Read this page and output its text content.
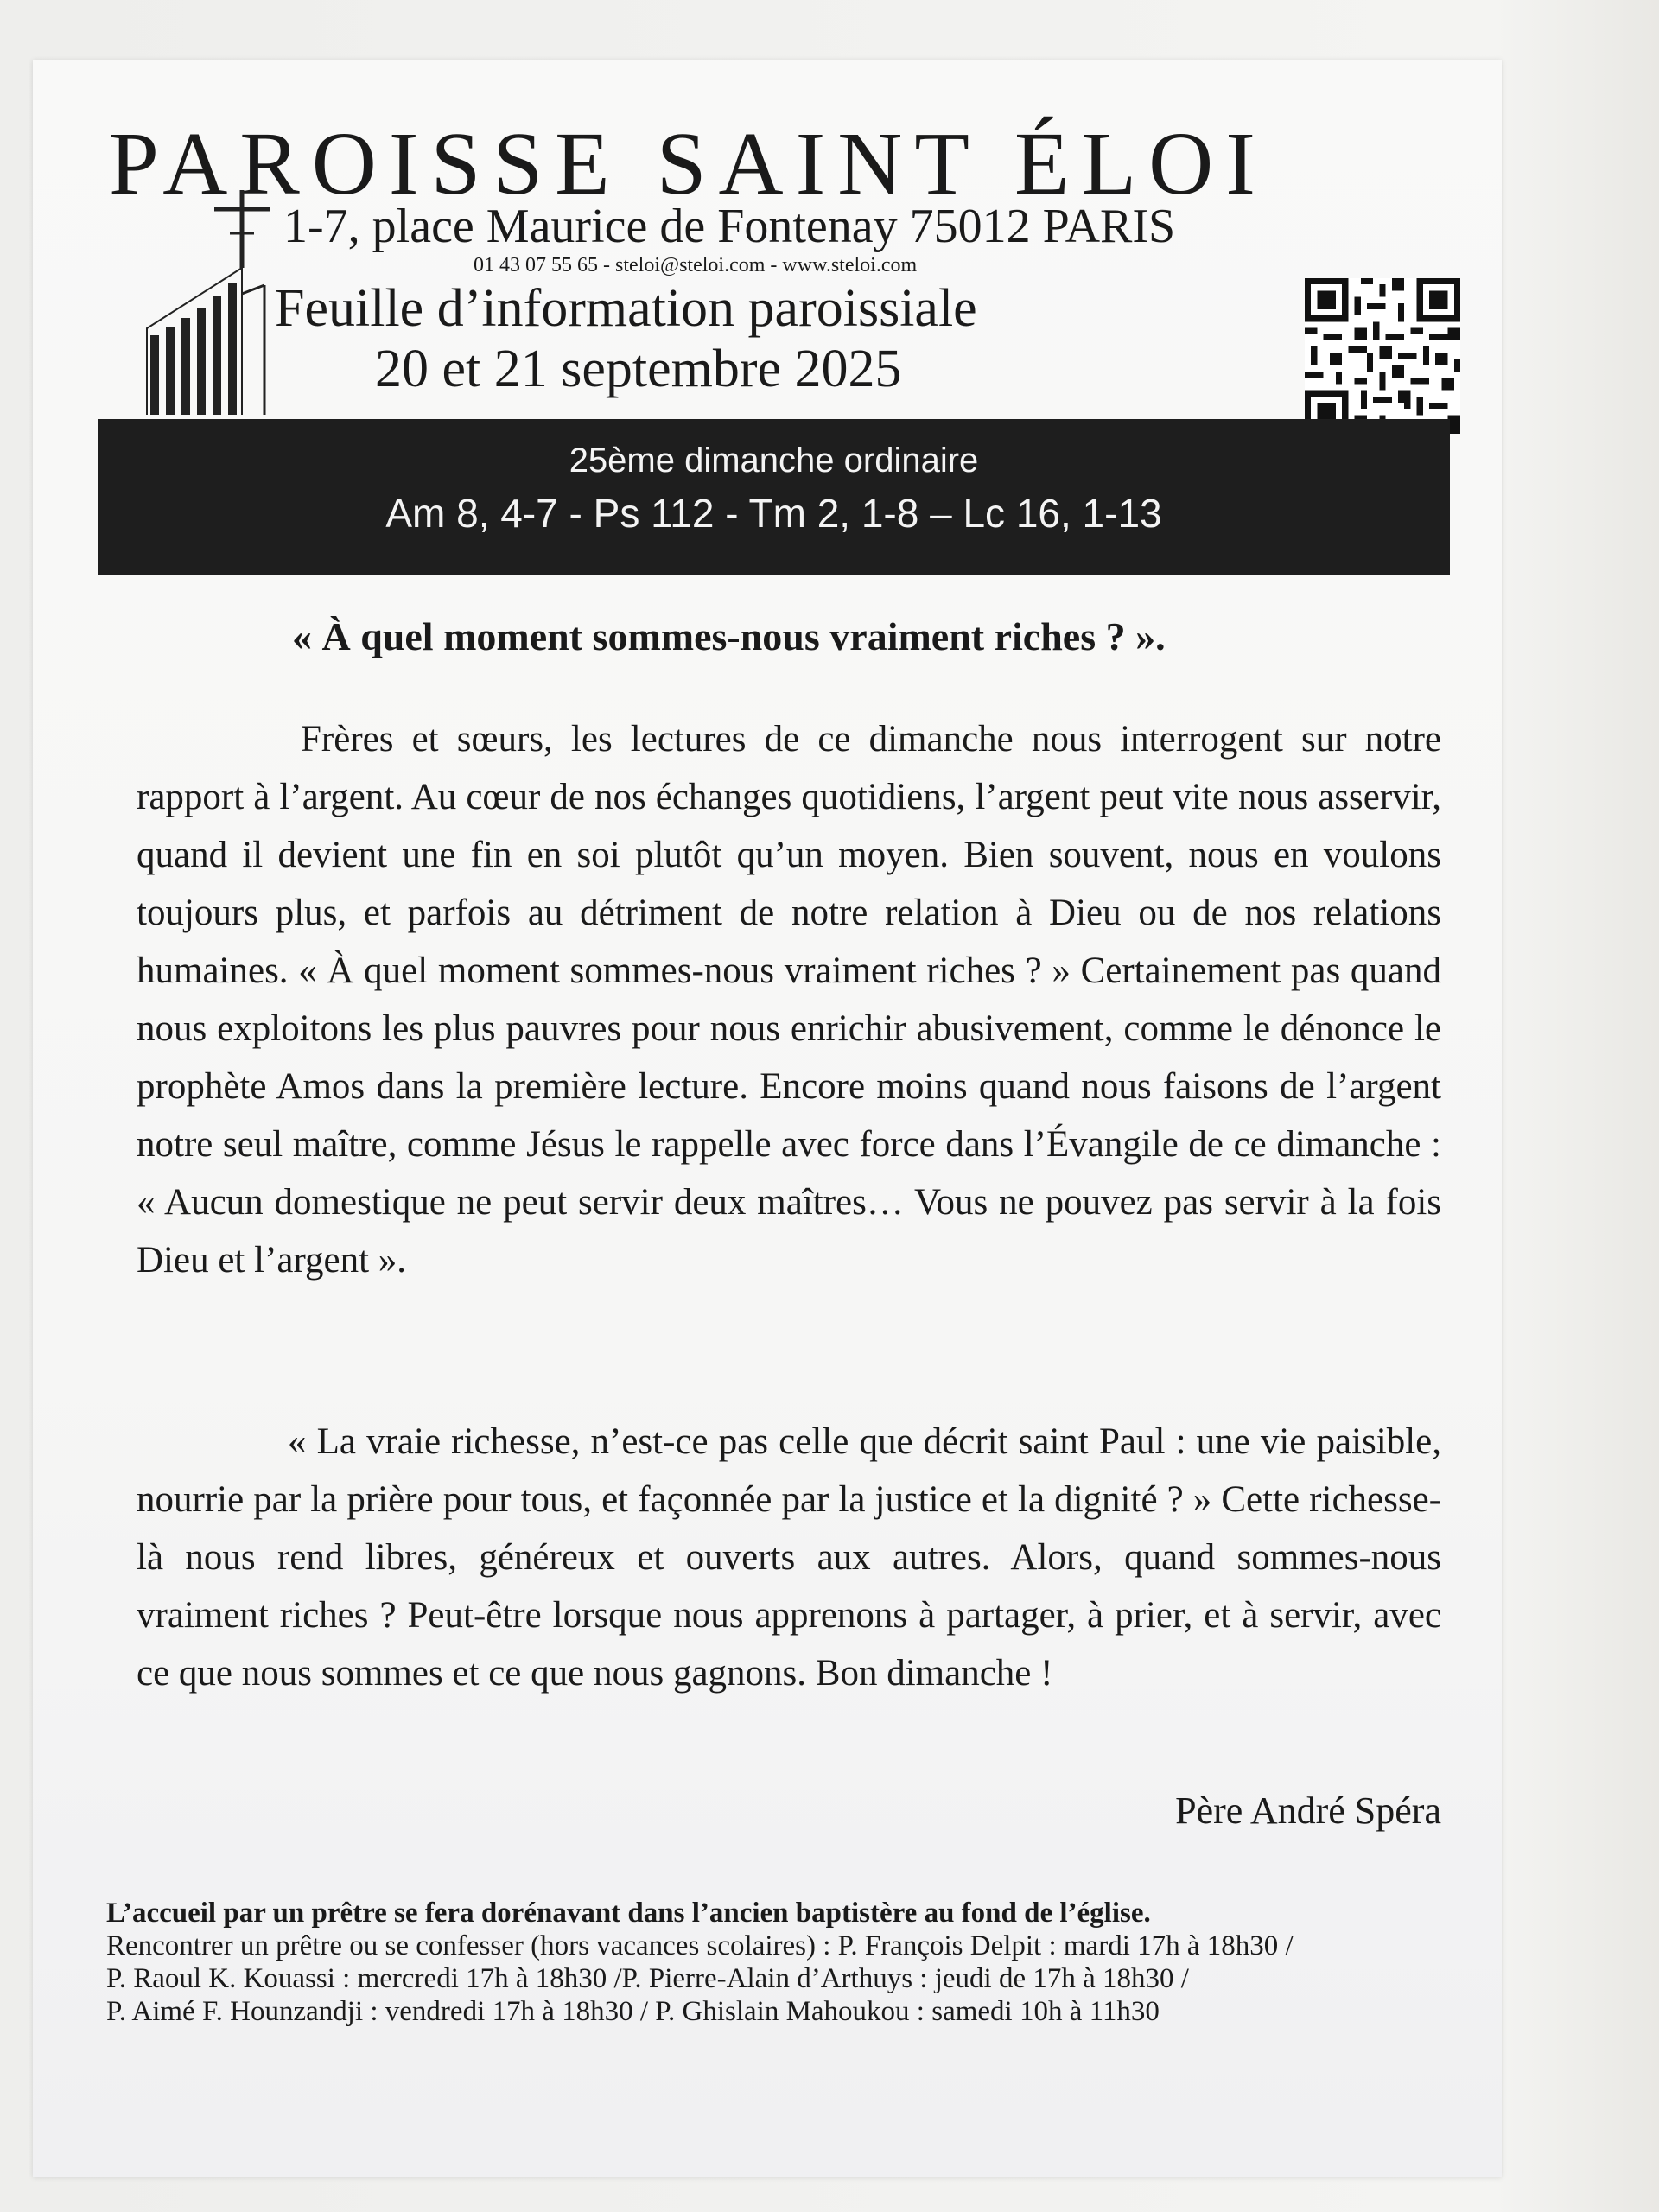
PAROISSE SAINT ÉLOI
1-7, place Maurice de Fontenay 75012 PARIS
01 43 07 55 65 - steloi@steloi.com - www.steloi.com
Feuille d’information paroissiale
20 et 21 septembre 2025
25ème dimanche ordinaire
Am 8, 4-7 - Ps 112 - Tm 2, 1-8 – Lc 16, 1-13
« À quel moment sommes-nous vraiment riches ? ».

Frères et sœurs, les lectures de ce dimanche nous interrogent sur notre rapport à l’argent. Au cœur de nos échanges quotidiens, l’argent peut vite nous asservir, quand il devient une fin en soi plutôt qu’un moyen. Bien souvent, nous en voulons toujours plus, et parfois au détriment de notre relation à Dieu ou de nos relations humaines. « À quel moment sommes-nous vraiment riches ? » Certainement pas quand nous exploitons les plus pauvres pour nous enrichir abusivement, comme le dénonce le prophète Amos dans la première lecture. Encore moins quand nous faisons de l’argent notre seul maître, comme Jésus le rappelle avec force dans l’Évangile de ce dimanche : « Aucun domestique ne peut servir deux maîtres… Vous ne pouvez pas servir à la fois Dieu et l’argent ».

« La vraie richesse, n’est-ce pas celle que décrit saint Paul : une vie paisible, nourrie par la prière pour tous, et façonnée par la justice et la dignité ? » Cette richesse-là nous rend libres, généreux et ouverts aux autres. Alors, quand sommes-nous vraiment riches ? Peut-être lorsque nous apprenons à partager, à prier, et à servir, avec ce que nous sommes et ce que nous gagnons. Bon dimanche !

Père André Spéra
L’accueil par un prêtre se fera dorénavant dans l’ancien baptistère au fond de l’église.
Rencontrer un prêtre ou se confesser (hors vacances scolaires) : P. François Delpit : mardi 17h à 18h30 /
P. Raoul K. Kouassi : mercredi 17h à 18h30 /P. Pierre-Alain d’Arthuys : jeudi de 17h à 18h30 /
P. Aimé F. Hounzandji : vendredi 17h à 18h30 / P. Ghislain Mahoukou : samedi 10h à 11h30
